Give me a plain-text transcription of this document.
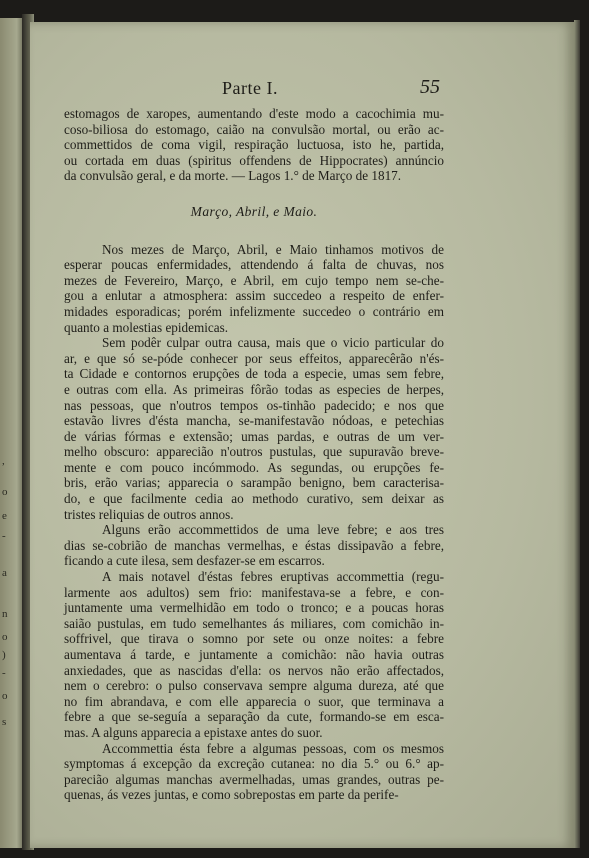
,
o
e
-
a
n
o
)
-
o
s
Parte I.	55

estomagos de xaropes, aumentando d'este modo a cacochimia mu-
coso-biliosa do estomago, caião na convulsão mortal, ou erão ac-
commettidos de coma vigil, respiração luctuosa, isto he, partida,
ou cortada em duas (spiritus offendens de Hippocrates) annúncio
da convulsão geral, e da morte. — Lagos 1.° de Março de 1817.

Março, Abril, e Maio.

Nos mezes de Março, Abril, e Maio tinhamos motivos de
esperar poucas enfermidades, attendendo á falta de chuvas, nos
mezes de Fevereiro, Março, e Abril, em cujo tempo nem se-che-
gou a enlutar a atmosphera: assim succedeo a respeito de enfer-
midades esporadicas; porém infelizmente succedeo o contrário em
quanto a molestias epidemicas.

Sem podêr culpar outra causa, mais que o vicio particular do
ar, e que só se-póde conhecer por seus effeitos, apparecêrão n'és-
ta Cidade e contornos erupções de toda a especie, umas sem febre,
e outras com ella. As primeiras fôrão todas as especies de herpes,
nas pessoas, que n'outros tempos os-tinhão padecido; e nos que
estavão livres d'ésta mancha, se-manifestavão nódoas, e petechias
de várias fórmas e extensão; umas pardas, e outras de um ver-
melho obscuro: apparecião n'outros pustulas, que supuravão breve-
mente e com pouco incómmodo. As segundas, ou erupções fe-
bris, erão varias; apparecia o sarampão benigno, bem caracterisa-
do, e que facilmente cedia ao methodo curativo, sem deixar as
tristes reliquias de outros annos.

Alguns erão accommettidos de uma leve febre; e aos tres
dias se-cobrião de manchas vermelhas, e éstas dissipavão a febre,
ficando a cute ilesa, sem desfazer-se em escarros.

A mais notavel d'éstas febres eruptivas accommettia (regu-
larmente aos adultos) sem frio: manifestava-se a febre, e con-
juntamente uma vermelhidão em todo o tronco; e a poucas horas
saião pustulas, em tudo semelhantes ás miliares, com comichão in-
soffrivel, que tirava o somno por sete ou onze noites: a febre
aumentava á tarde, e juntamente a comichão: não havia outras
anxiedades, que as nascidas d'ella: os nervos não erão affectados,
nem o cerebro: o pulso conservava sempre alguma dureza, até que
no fim abrandava, e com elle apparecia o suor, que terminava a
febre a que se-seguía a separação da cute, formando-se em esca-
mas. A alguns apparecia a epistaxe antes do suor.

Accommettia ésta febre a algumas pessoas, com os mesmos
symptomas á excepção da excreção cutanea: no dia 5.° ou 6.° ap-
parecião algumas manchas avermelhadas, umas grandes, outras pe-
quenas, ás vezes juntas, e como sobrepostas em parte da perife-
